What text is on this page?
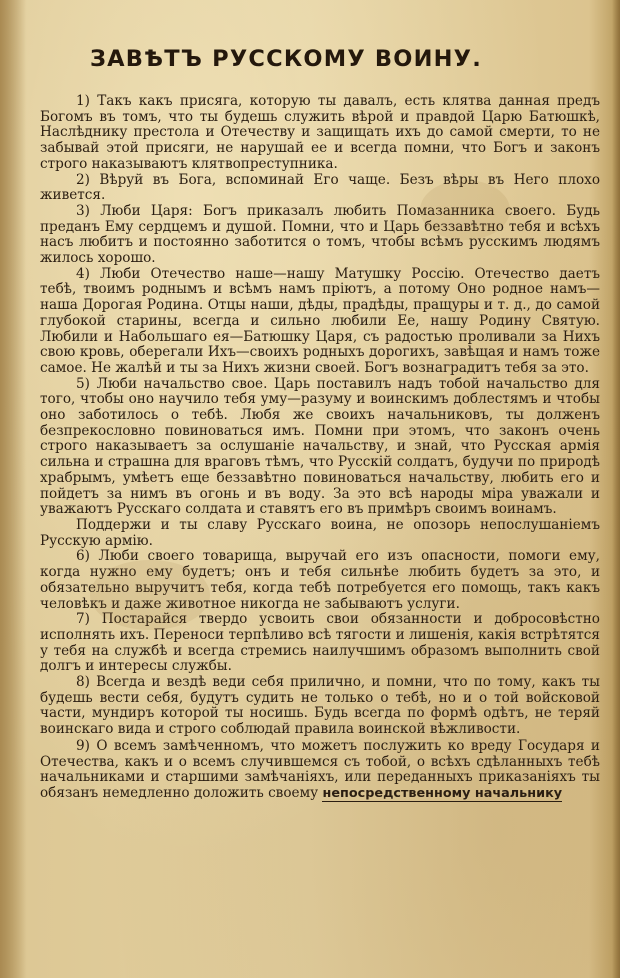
ЗАВѢТЪ РУССКОМУ ВОИНУ.

1) Такъ какъ присяга, которую ты давалъ, есть клятва данная предъ Богомъ въ томъ, что ты будешь служить вѣрой и правдой Царю Батюшкѣ, Наслѣднику престола и Отечеству и защищать ихъ до самой смерти, то не забывай этой присяги, не нарушай ее и всегда помни, что Богъ и законъ строго наказываютъ клятвопреступника.

2) Вѣруй въ Бога, вспоминай Его чаще. Безъ вѣры въ Него плохо живется.

3) Люби Царя: Богъ приказалъ любить Помазанника своего. Будь преданъ Ему сердцемъ и душой. Помни, что и Царь беззавѣтно тебя и всѣхъ насъ любитъ и постоянно заботится о томъ, чтобы всѣмъ русскимъ людямъ жилось хорошо.

4) Люби Отечество наше—нашу Матушку Россію. Отечество даетъ тебѣ, твоимъ роднымъ и всѣмъ намъ пріютъ, а потому Оно родное намъ—наша Дорогая Родина. Отцы наши, дѣды, прадѣды, пращуры и т. д., до самой глубокой старины, всегда и сильно любили Ее, нашу Родину Святую. Любили и Набольшаго ея—Батюшку Царя, съ радостью проливали за Нихъ свою кровь, оберегали Ихъ—своихъ родныхъ дорогихъ, завѣщая и намъ тоже самое. Не жалѣй и ты за Нихъ жизни своей. Богъ вознаградитъ тебя за это.

5) Люби начальство свое. Царь поставилъ надъ тобой начальство для того, чтобы оно научило тебя уму—разуму и воинскимъ доблестямъ и чтобы оно заботилось о тебѣ. Любя же своихъ начальниковъ, ты долженъ безпрекословно повиноваться имъ. Помни при этомъ, что законъ очень строго наказываетъ за ослушаніе начальству, и знай, что Русская армія сильна и страшна для враговъ тѣмъ, что Русскій солдатъ, будучи по природѣ храбрымъ, умѣетъ еще беззавѣтно повиноваться начальству, любить его и пойдетъ за нимъ въ огонь и въ воду. За это всѣ народы міра уважали и уважаютъ Русскаго солдата и ставятъ его въ примѣръ своимъ воинамъ.

Поддержи и ты славу Русскаго воина, не опозорь непослушаніемъ Русскую армію.

6) Люби своего товарища, выручай его изъ опасности, помоги ему, когда нужно ему будетъ; онъ и тебя сильнѣе любить будетъ за это, и обязательно выручитъ тебя, когда тебѣ потребуется его помощь, такъ какъ человѣкъ и даже животное никогда не забываютъ услуги.

7) Постарайся твердо усвоить свои обязанности и добросовѣстно исполнять ихъ. Переноси терпѣливо всѣ тягости и лишенія, какія встрѣтятся у тебя на службѣ и всегда стремись наилучшимъ образомъ выполнить свой долгъ и интересы службы.

8) Всегда и вездѣ веди себя прилично, и помни, что по тому, какъ ты будешь вести себя, будутъ судить не только о тебѣ, но и о той войсковой части, мундиръ которой ты носишь. Будь всегда по формѣ одѣтъ, не теряй воинскаго вида и строго соблюдай правила воинской вѣжливости.

9) О всемъ замѣченномъ, что можетъ послужить ко вреду Государя и Отечества, какъ и о всемъ случившемся съ тобой, о всѣхъ сдѣланныхъ тебѣ начальниками и старшими замѣчаніяхъ, или переданныхъ приказаніяхъ ты обязанъ немедленно доложить своему непосредственному начальнику
